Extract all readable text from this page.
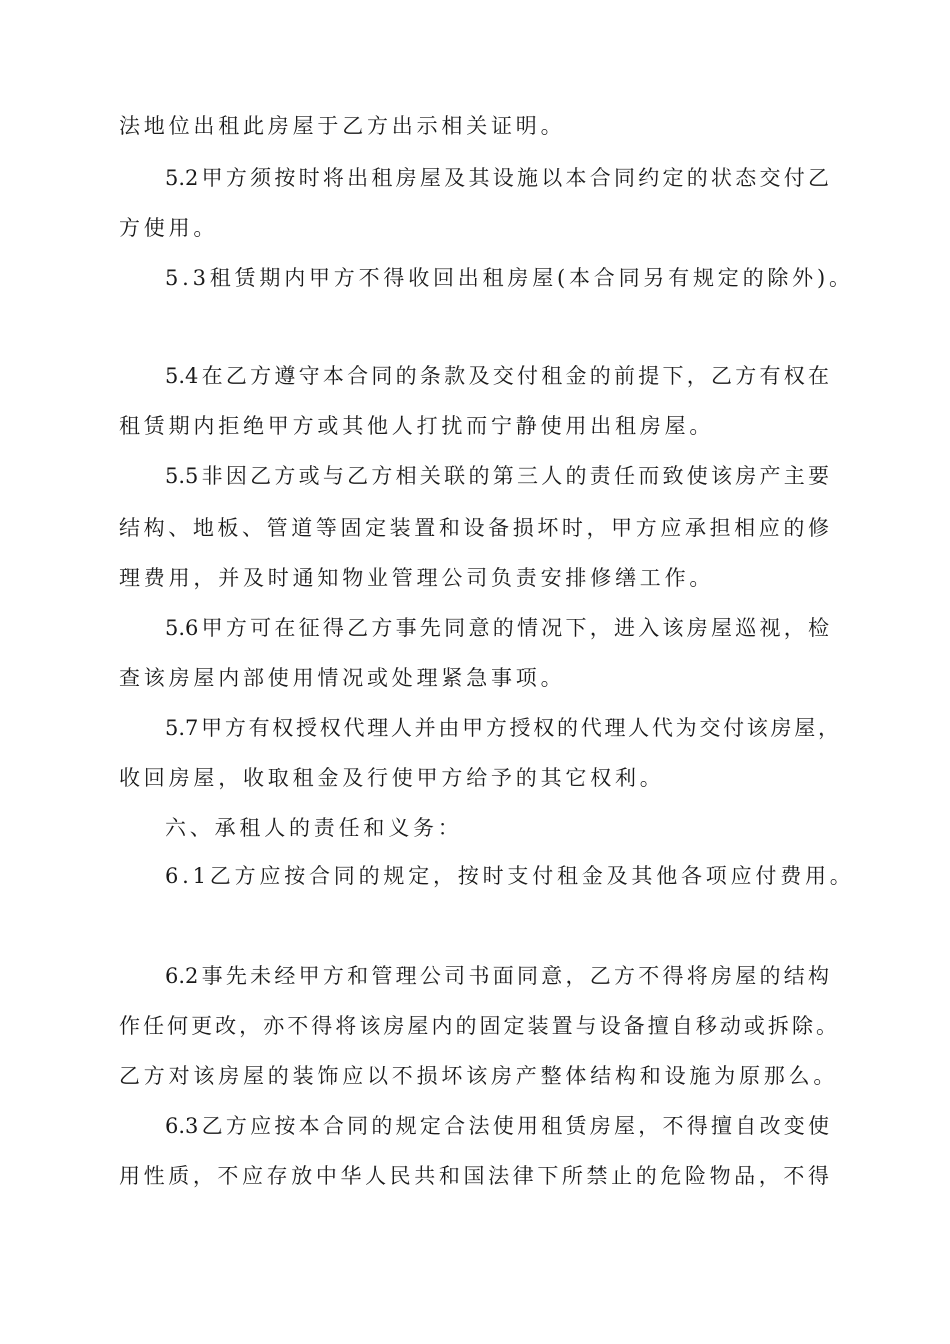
法地位出租此房屋于乙方出示相关证明。
5.2甲方须按时将出租房屋及其设施以本合同约定的状态交付乙
方使用。
5.3租赁期内甲方不得收回出租房屋(本合同另有规定的除外)。
5.4在乙方遵守本合同的条款及交付租金的前提下，乙方有权在
租赁期内拒绝甲方或其他人打扰而宁静使用出租房屋。
5.5非因乙方或与乙方相关联的第三人的责任而致使该房产主要
结构、地板、管道等固定装置和设备损坏时，甲方应承担相应的修
理费用，并及时通知物业管理公司负责安排修缮工作。
5.6甲方可在征得乙方事先同意的情况下，进入该房屋巡视，检
查该房屋内部使用情况或处理紧急事项。
5.7甲方有权授权代理人并由甲方授权的代理人代为交付该房屋，
收回房屋，收取租金及行使甲方给予的其它权利。
六、承租人的责任和义务：
6.1乙方应按合同的规定，按时支付租金及其他各项应付费用。
6.2事先未经甲方和管理公司书面同意，乙方不得将房屋的结构
作任何更改，亦不得将该房屋内的固定装置与设备擅自移动或拆除。
乙方对该房屋的装饰应以不损坏该房产整体结构和设施为原那么。
6.3乙方应按本合同的规定合法使用租赁房屋，不得擅自改变使
用性质，不应存放中华人民共和国法律下所禁止的危险物品，不得
